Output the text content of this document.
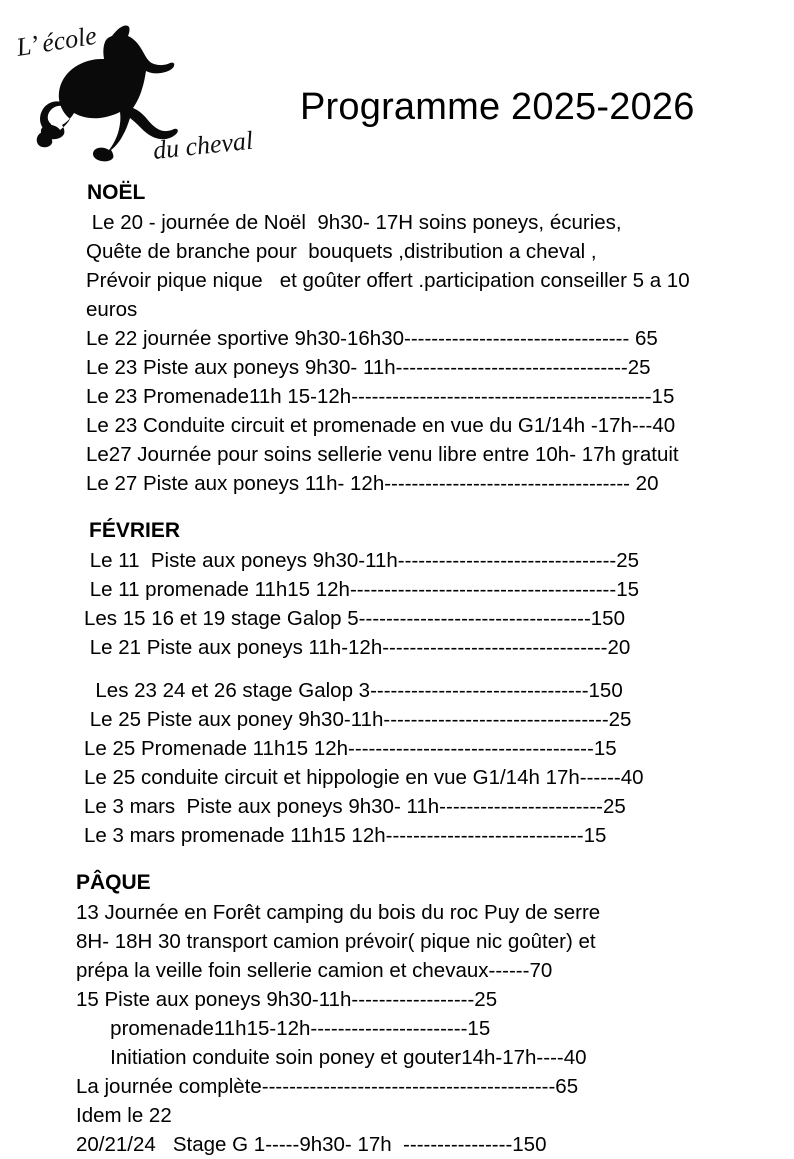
L’ école
du cheval
Programme 2025-2026
NOËL
Le 20 - journée de Noël  9h30- 17H soins poneys, écuries,
Quête de branche pour  bouquets ,distribution a cheval ,
Prévoir pique nique   et goûter offert .participation conseiller 5 a 10
euros
Le 22 journée sportive 9h30-16h30--------------------------------- 65
Le 23 Piste aux poneys 9h30- 11h----------------------------------25
Le 23 Promenade11h 15-12h--------------------------------------------15
Le 23 Conduite circuit et promenade en vue du G1/14h -17h---40
Le27 Journée pour soins sellerie venu libre entre 10h- 17h gratuit
Le 27 Piste aux poneys 11h- 12h------------------------------------ 20
FÉVRIER
Le 11  Piste aux poneys 9h30-11h--------------------------------25
Le 11 promenade 11h15 12h---------------------------------------15
Les 15 16 et 19 stage Galop 5----------------------------------150
Le 21 Piste aux poneys 11h-12h---------------------------------20
Les 23 24 et 26 stage Galop 3--------------------------------150
Le 25 Piste aux poney 9h30-11h---------------------------------25
Le 25 Promenade 11h15 12h------------------------------------15
Le 25 conduite circuit et hippologie en vue G1/14h 17h------40
Le 3 mars  Piste aux poneys 9h30- 11h------------------------25
Le 3 mars promenade 11h15 12h-----------------------------15
PÂQUE
13 Journée en Forêt camping du bois du roc Puy de serre
8H- 18H 30 transport camion prévoir( pique nic goûter) et
prépa la veille foin sellerie camion et chevaux------70
15 Piste aux poneys 9h30-11h------------------25
promenade11h15-12h-----------------------15
Initiation conduite soin poney et gouter14h-17h----40
La journée complète-------------------------------------------65
Idem le 22
20/21/24   Stage G 1-----9h30- 17h  ----------------150
